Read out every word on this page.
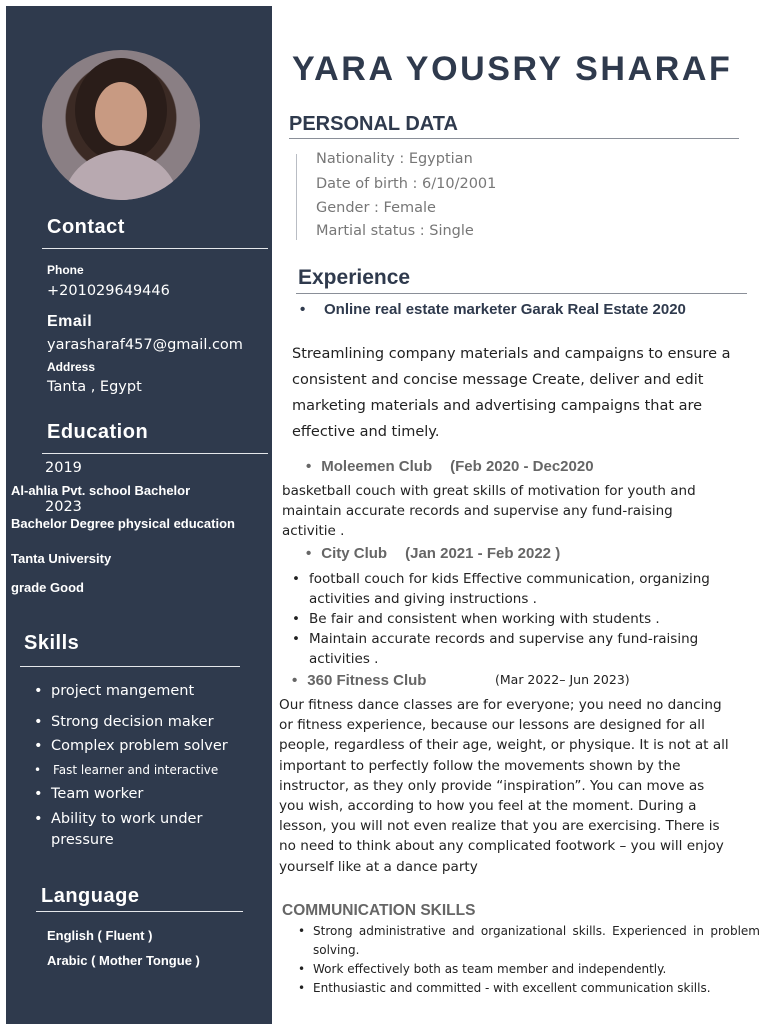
Contact
Phone
+201029649446
Email
yarasharaf457@gmail.com
Address
Tanta , Egypt
Education
2019
Al-ahlia Pvt. school Bachelor
2023
Bachelor Degree physical education
Tanta University
grade Good
Skills
• project mangement
• Strong decision maker
• Complex problem solver
• Fast learner and interactive
• Team worker
• Ability to work under pressure
Language
English ( Fluent )
Arabic ( Mother Tongue )
YARA YOUSRY SHARAF
PERSONAL DATA
Nationality : Egyptian
Date of birth : 6/10/2001
Gender : Female
Martial status : Single
Experience
•	Online real estate marketer Garak Real Estate 2020
Streamlining company materials and campaigns to ensure a consistent and concise message Create, deliver and edit marketing materials and advertising campaigns that are effective and timely.
• Moleemen Club (Feb 2020 - Dec2020
basketball couch with great skills of motivation for youth and maintain accurate records and supervise any fund-raising activitie .
• City Club (Jan 2021 - Feb 2022 )
• football couch for kids Effective communication, organizing activities and giving instructions .
• Be fair and consistent when working with students .
• Maintain accurate records and supervise any fund-raising activities .
• 360 Fitness Club	(Mar 2022– Jun 2023)
Our fitness dance classes are for everyone; you need no dancing or fitness experience, because our lessons are designed for all people, regardless of their age, weight, or physique. It is not at all important to perfectly follow the movements shown by the instructor, as they only provide “inspiration”. You can move as you wish, according to how you feel at the moment. During a lesson, you will not even realize that you are exercising. There is no need to think about any complicated footwork – you will enjoy yourself like at a dance party
COMMUNICATION SKILLS
• Strong administrative and organizational skills. Experienced in problem solving.
• Work effectively both as team member and independently.
• Enthusiastic and committed - with excellent communication skills.
